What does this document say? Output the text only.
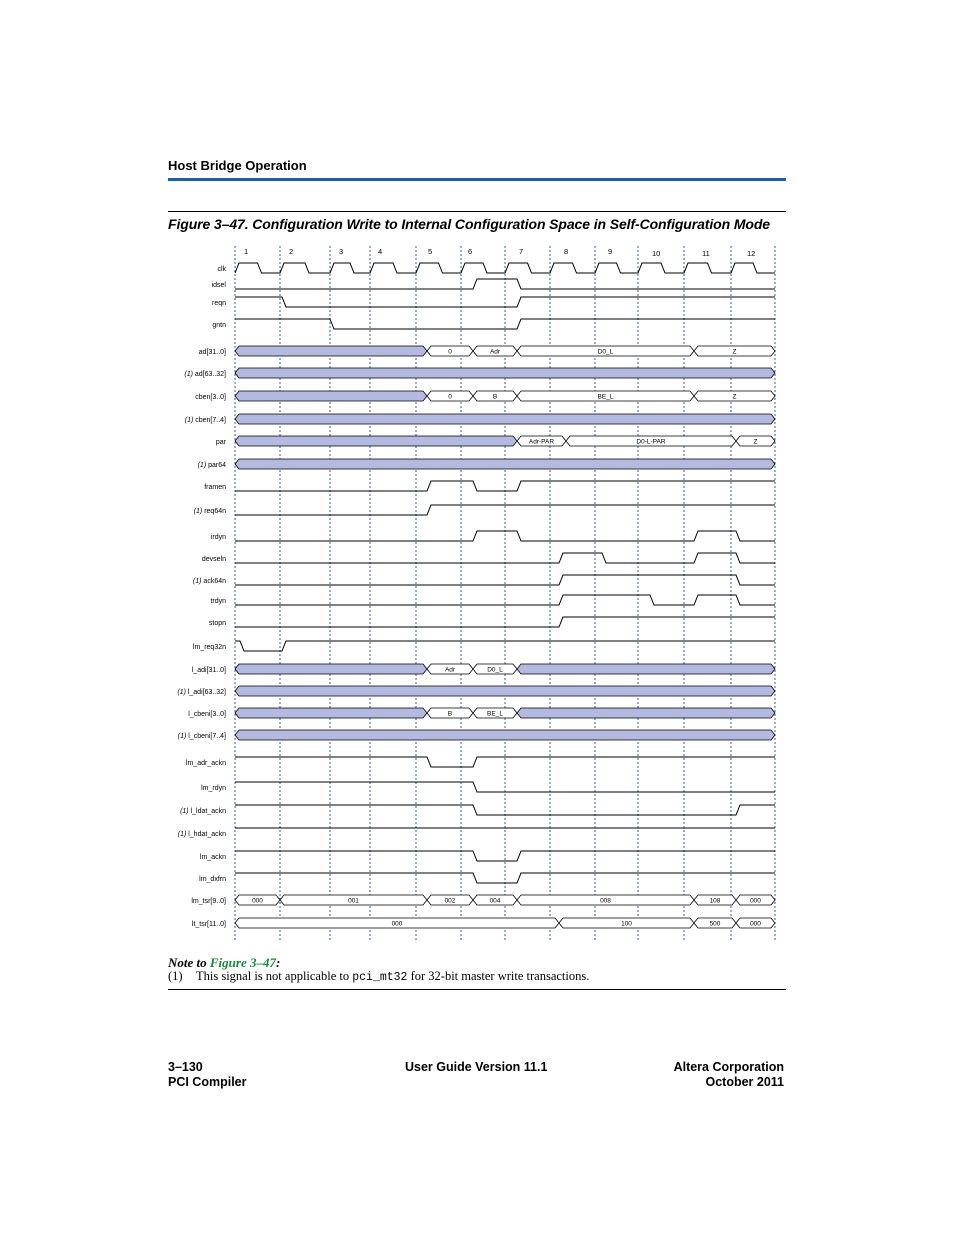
Host Bridge Operation
Figure 3–47. Configuration Write to Internal Configuration Space in Self-Configuration Mode
1	2	3	4	5	6	7	8	9	10	11	12
clk
idsel
reqn
gntn
ad[31..0]
(1) ad[63..32]
cben[3..0]
(1) cben[7..4]
par
(1) par64
framen
(1) req64n
irdyn
devseln
(1) ack64n
trdyn
stopn
lm_req32n
l_adi[31..0]
(1) l_adi[63..32]
l_cbeni[3..0]
(1) l_cbeni[7..4]
lm_adr_ackn
lm_rdyn
(1) l_ldat_ackn
(1) l_hdat_ackn
lm_ackn
lm_dxfrn
lm_tsr[9..0]
lt_tsr[11..0]
0	Adr	D0_L	Z
0	B	BE_L	Z
Adr-PAR	D0-L-PAR	Z
Adr	D0_L
B	BE_L
000	001	002	004	008	108	000
000	100	500	000
Note to Figure 3–47:
(1) This signal is not applicable to pci_mt32 for 32-bit master write transactions.
3–130
PCI Compiler
User Guide Version 11.1	Altera Corporation
October 2011
